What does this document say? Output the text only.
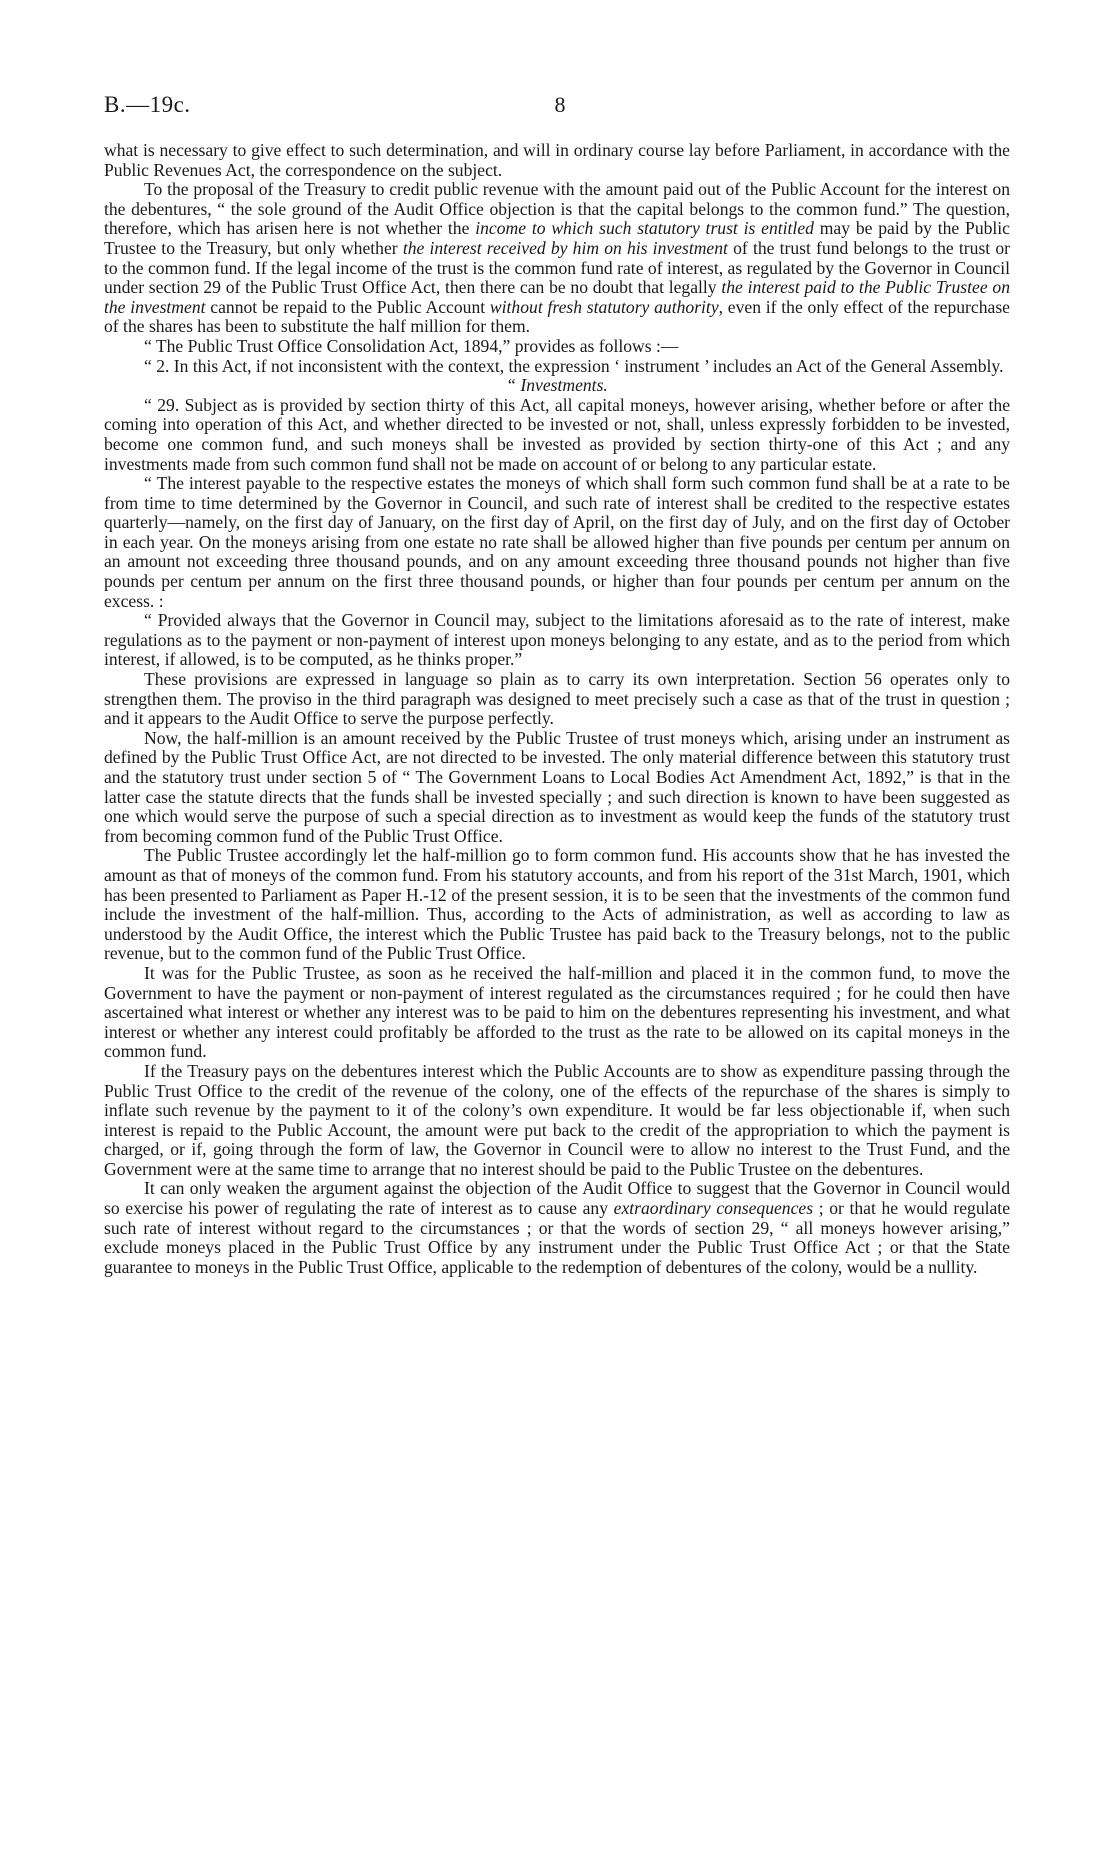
B.—19c.	8

what is necessary to give effect to such determination, and will in ordinary course lay before Parliament, in accordance with the Public Revenues Act, the correspondence on the subject.

To the proposal of the Treasury to credit public revenue with the amount paid out of the Public Account for the interest on the debentures, “ the sole ground of the Audit Office objection is that the capital belongs to the common fund.” The question, therefore, which has arisen here is not whether the income to which such statutory trust is entitled may be paid by the Public Trustee to the Treasury, but only whether the interest received by him on his investment of the trust fund belongs to the trust or to the common fund. If the legal income of the trust is the common fund rate of interest, as regulated by the Governor in Council under section 29 of the Public Trust Office Act, then there can be no doubt that legally the interest paid to the Public Trustee on the investment cannot be repaid to the Public Account without fresh statutory authority, even if the only effect of the repurchase of the shares has been to substitute the half million for them.

“ The Public Trust Office Consolidation Act, 1894,” provides as follows :—

“ 2. In this Act, if not inconsistent with the context, the expression ‘ instrument ’ includes an Act of the General Assembly.

“ Investments.

“ 29. Subject as is provided by section thirty of this Act, all capital moneys, however arising, whether before or after the coming into operation of this Act, and whether directed to be invested or not, shall, unless expressly forbidden to be invested, become one common fund, and such moneys shall be invested as provided by section thirty-one of this Act ; and any investments made from such common fund shall not be made on account of or belong to any particular estate.

“ The interest payable to the respective estates the moneys of which shall form such common fund shall be at a rate to be from time to time determined by the Governor in Council, and such rate of interest shall be credited to the respective estates quarterly—namely, on the first day of January, on the first day of April, on the first day of July, and on the first day of October in each year. On the moneys arising from one estate no rate shall be allowed higher than five pounds per centum per annum on an amount not exceeding three thousand pounds, and on any amount exceeding three thousand pounds not higher than five pounds per centum per annum on the first three thousand pounds, or higher than four pounds per centum per annum on the excess. :

“ Provided always that the Governor in Council may, subject to the limitations aforesaid as to the rate of interest, make regulations as to the payment or non-payment of interest upon moneys belonging to any estate, and as to the period from which interest, if allowed, is to be computed, as he thinks proper.”

These provisions are expressed in language so plain as to carry its own interpretation. Section 56 operates only to strengthen them. The proviso in the third paragraph was designed to meet precisely such a case as that of the trust in question ; and it appears to the Audit Office to serve the purpose perfectly.

Now, the half-million is an amount received by the Public Trustee of trust moneys which, arising under an instrument as defined by the Public Trust Office Act, are not directed to be invested. The only material difference between this statutory trust and the statutory trust under section 5 of “ The Government Loans to Local Bodies Act Amendment Act, 1892,” is that in the latter case the statute directs that the funds shall be invested specially ; and such direction is known to have been suggested as one which would serve the purpose of such a special direction as to investment as would keep the funds of the statutory trust from becoming common fund of the Public Trust Office.

The Public Trustee accordingly let the half-million go to form common fund. His accounts show that he has invested the amount as that of moneys of the common fund. From his statutory accounts, and from his report of the 31st March, 1901, which has been presented to Parliament as Paper H.-12 of the present session, it is to be seen that the investments of the common fund include the investment of the half-million. Thus, according to the Acts of administration, as well as according to law as understood by the Audit Office, the interest which the Public Trustee has paid back to the Treasury belongs, not to the public revenue, but to the common fund of the Public Trust Office.

It was for the Public Trustee, as soon as he received the half-million and placed it in the common fund, to move the Government to have the payment or non-payment of interest regulated as the circumstances required ; for he could then have ascertained what interest or whether any interest was to be paid to him on the debentures representing his investment, and what interest or whether any interest could profitably be afforded to the trust as the rate to be allowed on its capital moneys in the common fund.

If the Treasury pays on the debentures interest which the Public Accounts are to show as expenditure passing through the Public Trust Office to the credit of the revenue of the colony, one of the effects of the repurchase of the shares is simply to inflate such revenue by the payment to it of the colony’s own expenditure. It would be far less objectionable if, when such interest is repaid to the Public Account, the amount were put back to the credit of the appropriation to which the payment is charged, or if, going through the form of law, the Governor in Council were to allow no interest to the Trust Fund, and the Government were at the same time to arrange that no interest should be paid to the Public Trustee on the debentures.

It can only weaken the argument against the objection of the Audit Office to suggest that the Governor in Council would so exercise his power of regulating the rate of interest as to cause any extraordinary consequences ; or that he would regulate such rate of interest without regard to the circumstances ; or that the words of section 29, “ all moneys however arising,” exclude moneys placed in the Public Trust Office by any instrument under the Public Trust Office Act ; or that the State guarantee to moneys in the Public Trust Office, applicable to the redemption of debentures of the colony, would be a nullity.
